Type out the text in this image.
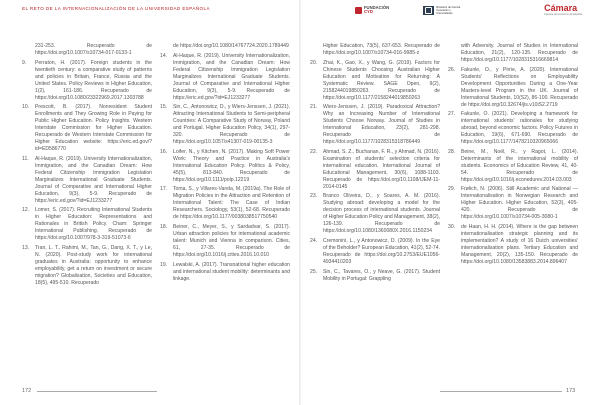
EL RETO DE LA INTERNACIONALIZACIÓN DE LA UNIVERSIDAD ESPAÑOLA	FUNDACIÓN
CYD
Ministerio de Ciencia, Innovación y Universidades	Cámara
Cámara de Comercio de España
231-253. Recuperado de https://doi.org/10.1007/s10734-017-0133-1
9. Perraton, H. (2017). Foreign students in the twentieth century: a comparative study of patterns and policies in Britain, France, Russia and the United States. Policy Reviews in Higher Education, 1(2), 161-186. Recuperado de https://doi.org/10.1080/23322969.2017.1303788
10. Prescott, B. (2017). Nonresident Student Enrollments and They Growing Role in Paying for Public Higher Education. Policy Insights. Western Interstate Commission for Higher Education. Recuperado de Western Interstate Commission for Higher Education website: https://eric.ed.gov/?id=ED586770
11. Al-Haque, R. (2019). University Internationalization, Immigration, and the Canadian Dream: How Federal Citizenship Immigration Legislation Marginalizes International Graduate Students. Journal of Comparative and International Higher Education, 9(3), 5-9. Recuperado de https://eric.ed.gov/?id=EJ1233277
12. Lomer, S. (2017). Recruiting International Students in Higher Education: Representations and Rationales in British Policy. Cham: Springer International Publishing. Recuperado de https://doi.org/10.1007/978-3-319-51073-6
13. Tran, L. T., Rahimi, M., Tan, G., Dang, X. T., y Le, N. (2020). Post-study work for international graduates in Australia: opportunity to enhance employability, get a return on investment or secure migration? Globalisation, Societies and Education, 18(5), 495-510. Recuperado
de https://doi.org/10.1080/14767724.2020.1789449
14. Al-Haque, R. (2019). University Internationalization, Immigration, and the Canadian Dream: How Federal Citizenship Immigration Legislation Marginalizes International Graduate Students. Journal of Comparative and International Higher Education, 9(3), 5-9. Recuperado de https://eric.ed.gov/?id=EJ1233277
15. Sin, C., Antonowicz, D., y Wiers-Jenssen, J. (2021). Attracting International Students to Semi-peripheral Countries: A Comparative Study of Norway, Poland and Portugal. Higher Education Policy, 34(1), 297-320. Recuperado de https://doi.org/10.1057/s41307-019-00135-3
16. Loifer, N., y Kitchen, N. (2017). Making Soft Power Work: Theory and Practice in Australia's International Education Policy. Politics & Policy, 45(5), 813-840. Recuperado de https://doi.org/10.1111/polp.12219
17. Toma, S., y Villares-Varela, M. (2019a). The Role of Migration Policies in the Attraction and Retention of International Talent: The Case of Indian Researchers. Sociology, 53(1), 52-68. Recuperado de https://doi.org/10.1177/0038038517750540
18. Beiner, C., Meyer, S., y Sardadvar, S. (2017). Urban attraction policies for international academic talent: Munich and Vienna in comparison. Cities, 61, 27-35. Recuperado de https://doi.org/10.1016/j.cities.2016.10.010
19. Lewalski, A. (2017). Transnational higher education and international student mobility: determinants and linkage.
Higher Education, 73(5), 637-653. Recuperado de https://doi.org/10.1007/s10734-016-9985-z
20. Zhai, K., Gao, X., y Wang, G. (2019). Factors for Chinese Students Choosing Australian Higher Education and Motivation for Returning: A Systematic Review. SAGE Open, 9(2), 2158244019850263. Recuperado de https://doi.org/10.1177/2158244019850263
21. Wiers-Jenssen, J. (2019). Paradoxical Attraction? Why an Increasing Number of International Students Choose Norway. Journal of Studies in International Education, 23(2), 281-298. Recuperado de https://doi.org/10.1177/1028315318786449
22. Ahmad, S. Z., Buchanan, F. R., y Ahmad, N. (2016). Examination of students' selection criteria for international education. International Journal of Educational Management, 30(6), 1088-1103. Recuperado de https://doi.org/10.1108/IJEM-11-2014-0145
23. Branco Oliveira, D., y Soares, A. M. (2016). Studying abroad: developing a model for the decision process of international students. Journal of Higher Education Policy and Management, 38(2), 126-139. Recuperado de https://doi.org/10.1080/1360080X.2016.1150234
24. Cremonini, L., y Antonowicz, D. (2009). In the Eye of the Beholder? European Education, 41(2), 52-74. Recuperado de https://doi.org/10.2753/EUE1056-4934410203
25. Sin, C., Tavares, O., y Neave, G. (2017). Student Mobility in Portugal: Grappling
with Adversity. Journal of Studies in International Education, 21(2), 120-135. Recuperado de https://doi.org/10.1177/1028315316669814
26. Fakunle, O., y Pirrie, A. (2020). International Students' Reflections on Employability Development Opportunities During a One-Year Masters-level Program in the UK. Journal of International Students, 10(S2), 86-100. Recuperado de https://doi.org/10.32674/jis.v10iS2.2719
27. Fakunle, O. (2021). Developing a framework for international students' rationales for studying abroad, beyond economic factors. Policy Futures in Education, 19(6), 671-690. Recuperado de https://doi.org/10.1177/1478210320965066
28. Beine, M., Noël, R., y Ragot, L. (2014). Determinants of the international mobility of students. Economics of Education Review, 41, 40-54. Recuperado de https://doi.org/10.1016/j.econedurev.2014.03.003
29. Frølich, N. (2006). Still Academic and National — Internationalisation in Norwegian Research and Higher Education. Higher Education, 52(3), 405-420. Recuperado de https://doi.org/10.1007/s10734-005-3080-1
30. de Haan, H. H. (2014). Where is the gap between internationalisation strategic planning and its implementation? A study of 16 Dutch universities' internationalisation plans. Tertiary Education and Management, 20(2), 135-150. Recuperado de https://doi.org/10.1080/13583883.2014.896407
172	173
